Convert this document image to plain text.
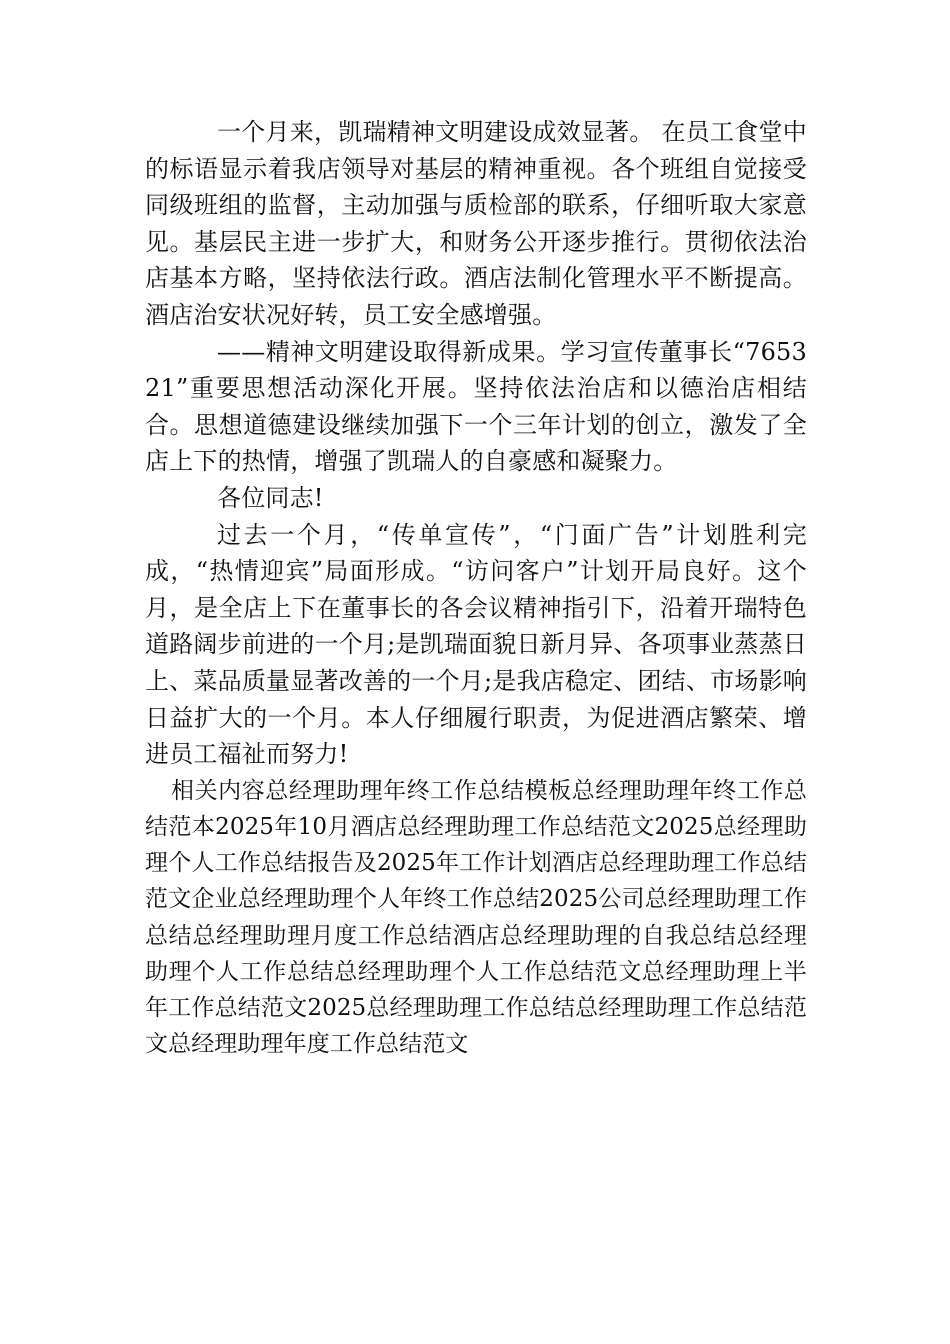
一个月来，凯瑞精神文明建设成效显著。 在员工食堂中的标语显示着我店领导对基层的精神重视。各个班组自觉接受同级班组的监督，主动加强与质检部的联系，仔细听取大家意见。基层民主进一步扩大，和财务公开逐步推行。贯彻依法治店基本方略，坚持依法行政。酒店法制化管理水平不断提高。酒店治安状况好转，员工安全感增强。

——精神文明建设取得新成果。学习宣传董事长“765321”重要思想活动深化开展。坚持依法治店和以德治店相结合。思想道德建设继续加强下一个三年计划的创立，激发了全店上下的热情，增强了凯瑞人的自豪感和凝聚力。

各位同志!

过去一个月，“传单宣传”，“门面广告”计划胜利完成，“热情迎宾”局面形成。“访问客户”计划开局良好。这个月，是全店上下在董事长的各会议精神指引下，沿着开瑞特色道路阔步前进的一个月;是凯瑞面貌日新月异、各项事业蒸蒸日上、菜品质量显著改善的一个月;是我店稳定、团结、市场影响日益扩大的一个月。本人仔细履行职责，为促进酒店繁荣、增进员工福祉而努力!

相关内容总经理助理年终工作总结模板总经理助理年终工作总结范本2025年10月酒店总经理助理工作总结范文2025总经理助理个人工作总结报告及2025年工作计划酒店总经理助理工作总结范文企业总经理助理个人年终工作总结2025公司总经理助理工作总结总经理助理月度工作总结酒店总经理助理的自我总结总经理助理个人工作总结总经理助理个人工作总结范文总经理助理上半年工作总结范文2025总经理助理工作总结总经理助理工作总结范文总经理助理年度工作总结范文
